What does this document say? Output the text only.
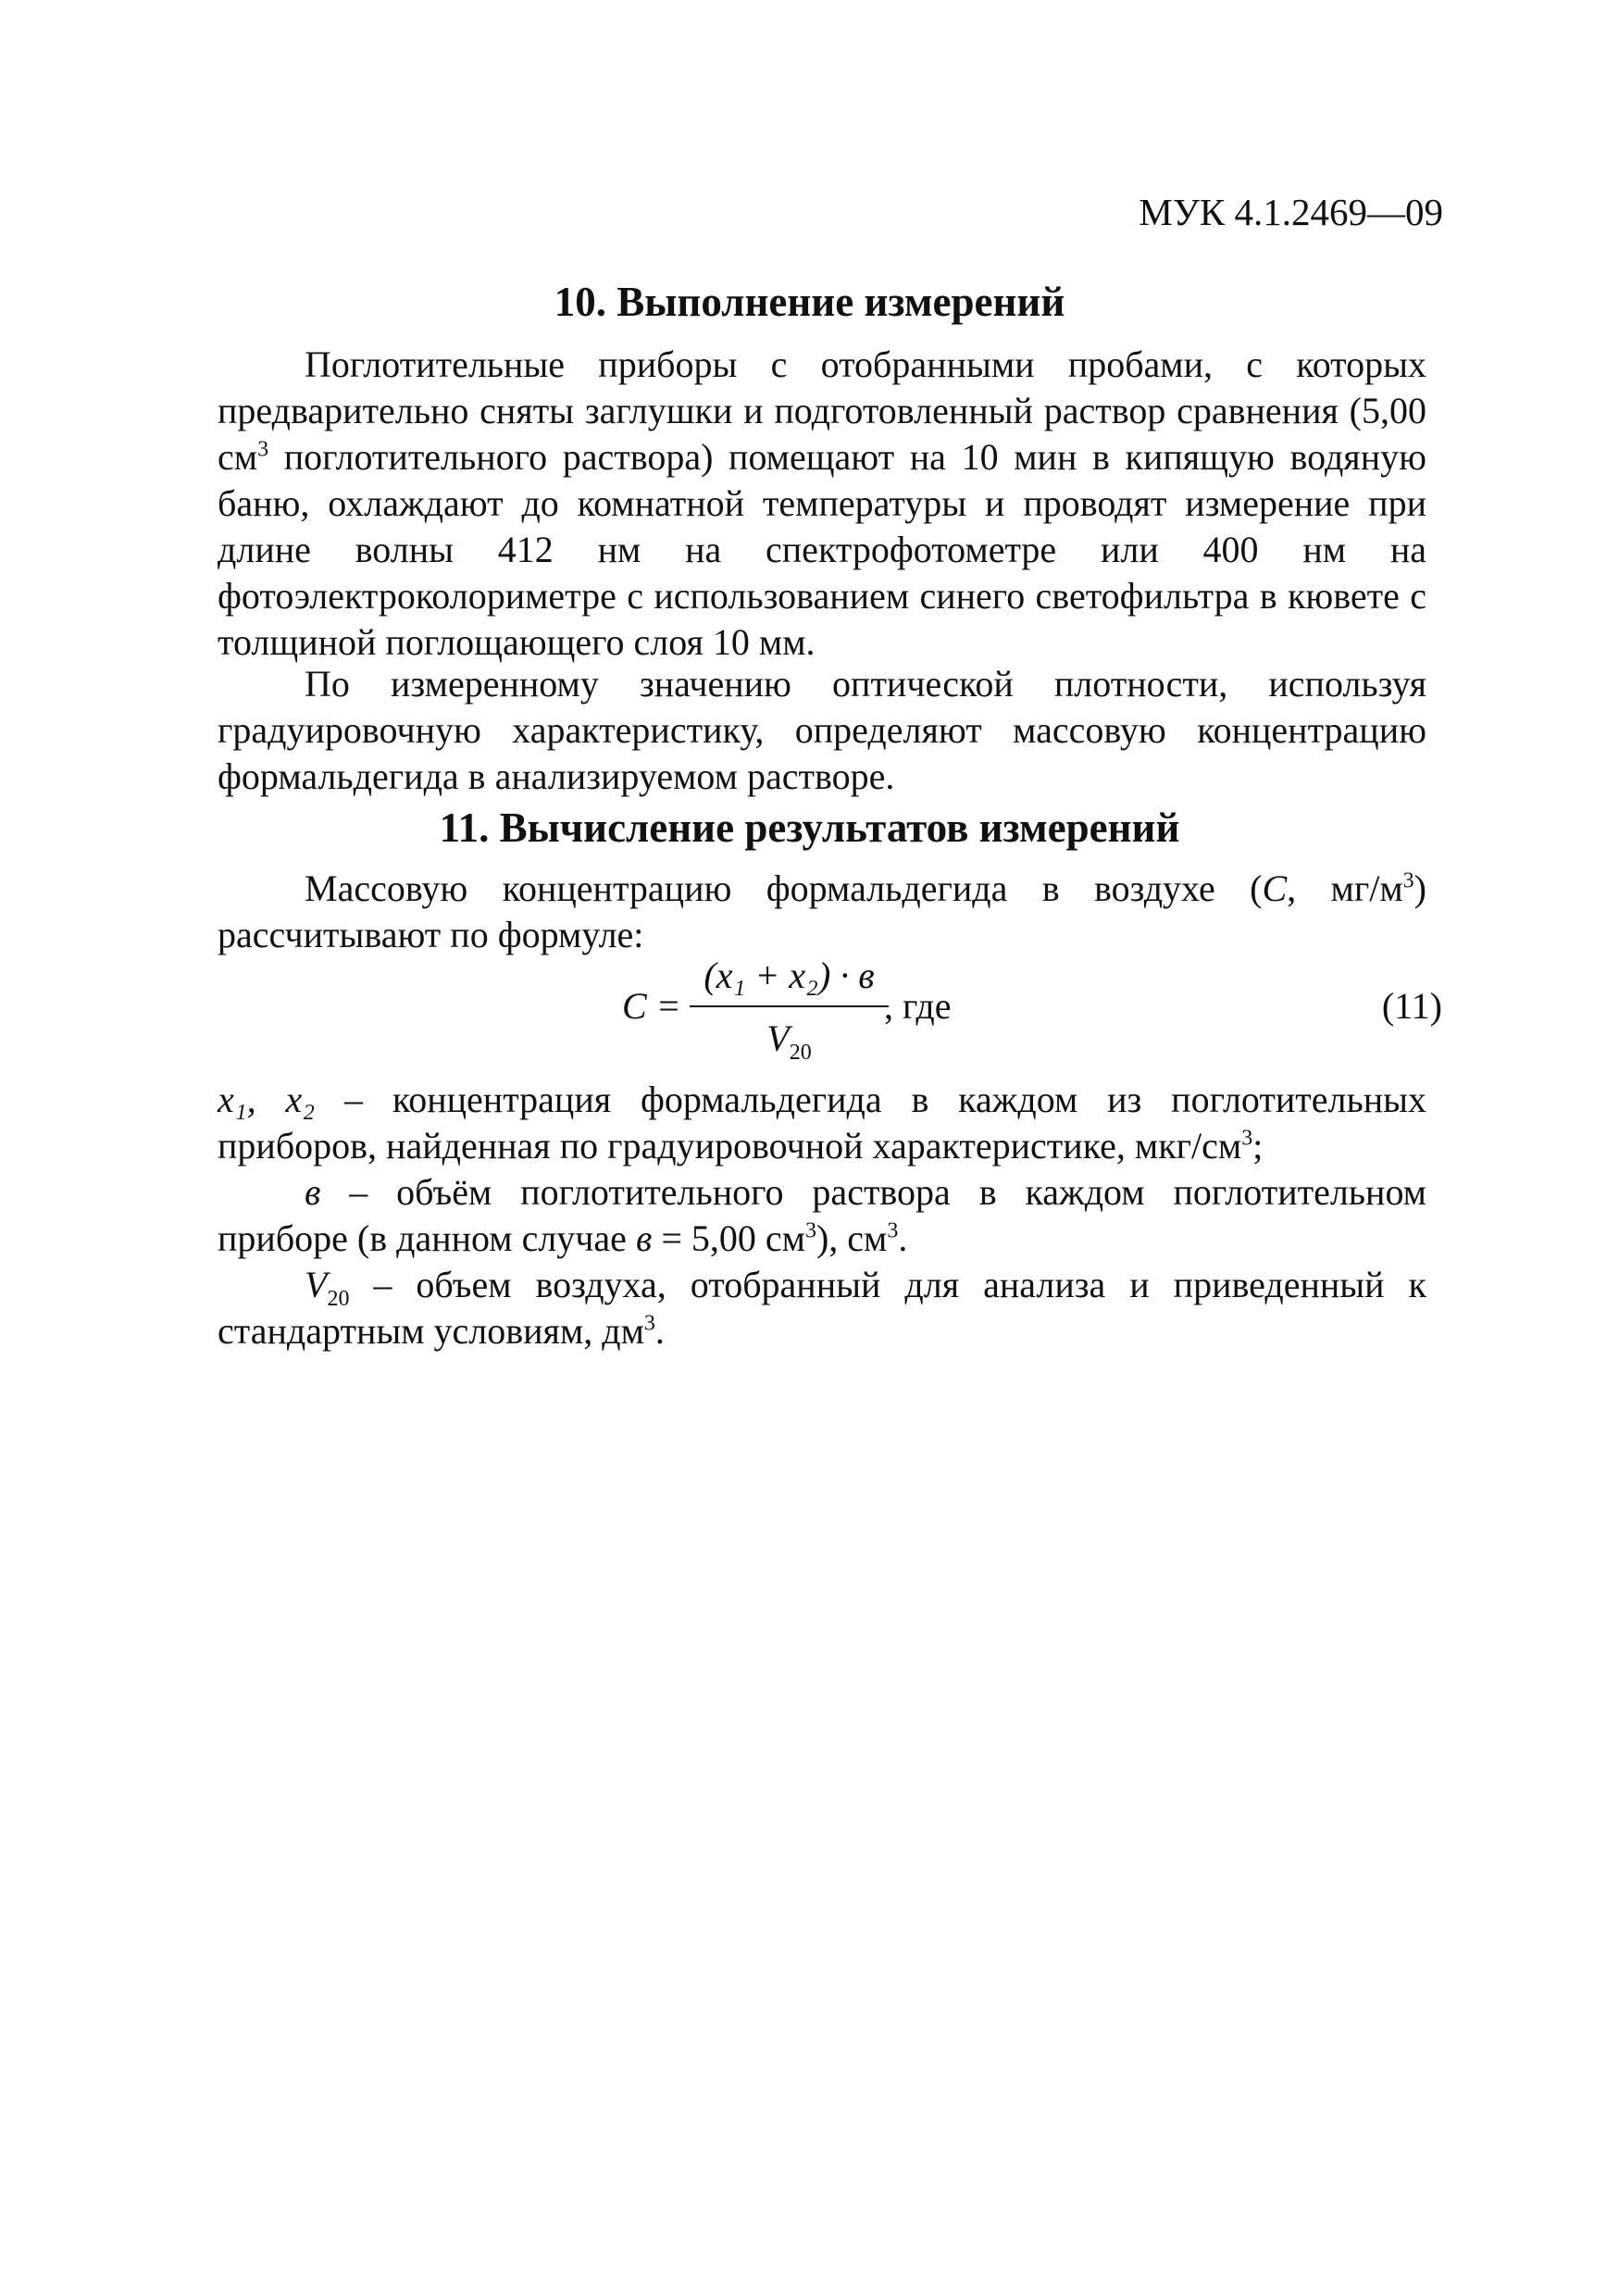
МУК 4.1.2469—09
10. Выполнение измерений

Поглотительные приборы с отобранными пробами, с которых предварительно сняты заглушки и подготовленный раствор сравнения (5,00 $см^3$ поглотительного раствора) помещают на 10 мин в кипящую водяную баню, охлаждают до комнатной температуры и проводят измерение при длине волны 412 нм на спектрофотометре или 400 нм на фотоэлектроколориметре с использованием синего светофильтра в кювете с толщиной поглощающего слоя 10 мм.

По измеренному значению оптической плотности, используя градуировочную характеристику, определяют массовую концентрацию формальдегида в анализируемом растворе.

11. Вычисление результатов измерений

Массовую концентрацию формальдегида в воздухе (C, $мг/м^3$) рассчитывают по формуле:

C =
(x₁ + x₂) · в
$V_{20}$
, где	(11)

x₁, x₂ – концентрация формальдегида в каждом из поглотительных приборов, найденная по градуировочной характеристике, мкг/$см^3$;

в – объём поглотительного раствора в каждом поглотительном приборе (в данном случае в = 5,00 $см^3$), $см^3$.

$V_{20}$ – объем воздуха, отобранный для анализа и приведенный к стандартным условиям, $дм^3$.
